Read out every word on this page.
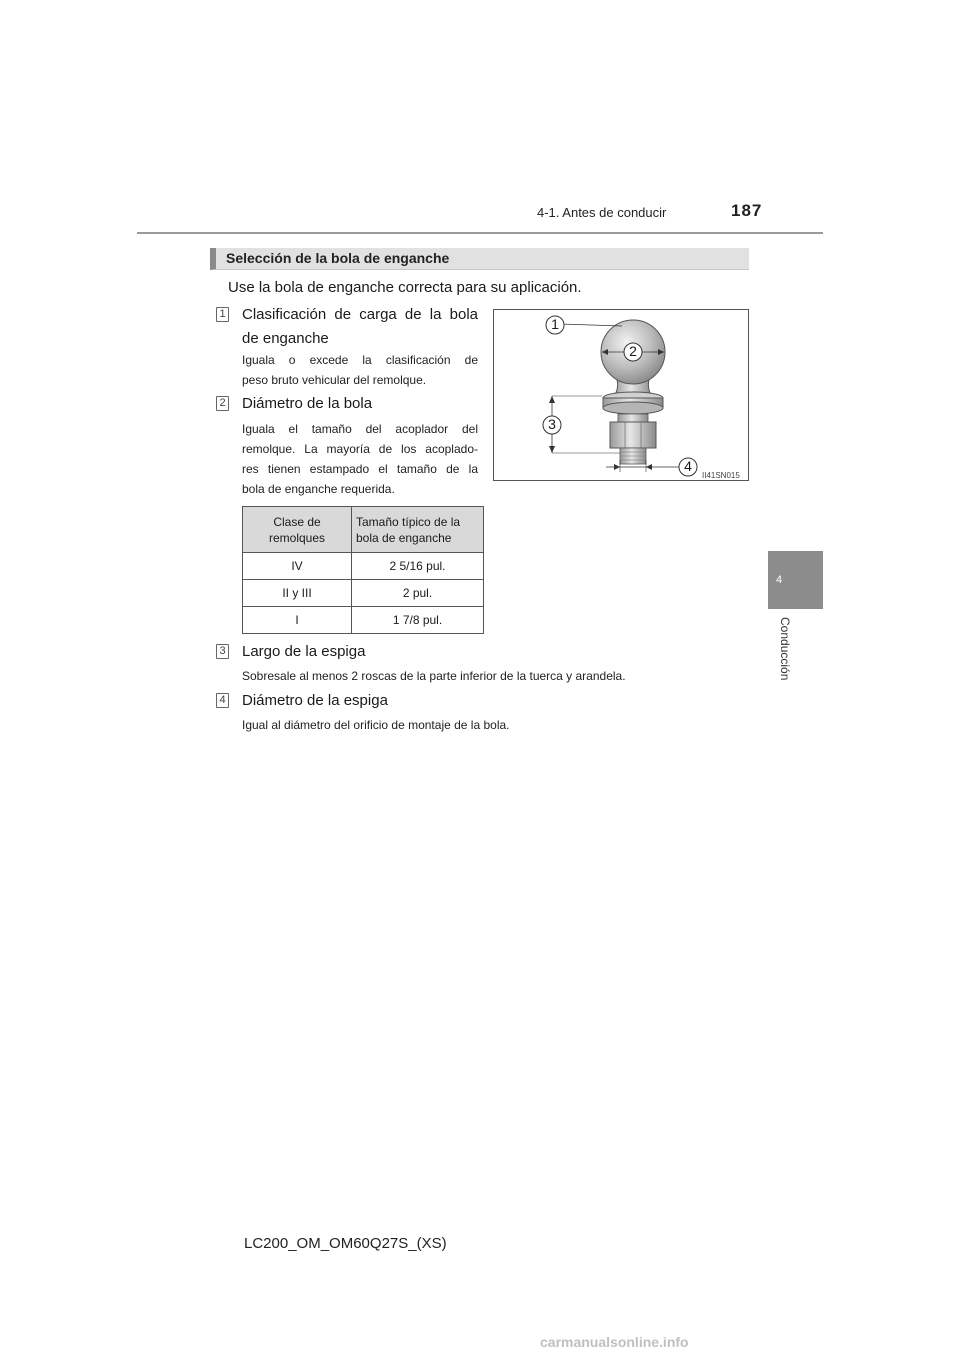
4-1. Antes de conducir	187
4
Conducción
Selección de la bola de enganche
Use la bola de enganche correcta para su aplicación.
1 Clasificación de carga de la bola
de enganche
Iguala o excede la clasificación de
peso bruto vehicular del remolque.
2 Diámetro de la bola
Iguala el tamaño del acoplador del
remolque. La mayoría de los acoplado-
res tienen estampado el tamaño de la
bola de enganche requerida.
1
2
3
4
II41SN015
Clase de remolques	Tamaño típico de la bola de enganche
IV	2 5/16 pul.
II y III	2 pul.
I	1 7/8 pul.
3 Largo de la espiga
Sobresale al menos 2 roscas de la parte inferior de la tuerca y arandela.
4 Diámetro de la espiga
Igual al diámetro del orificio de montaje de la bola.
LC200_OM_OM60Q27S_(XS)
carmanualsonline.info
